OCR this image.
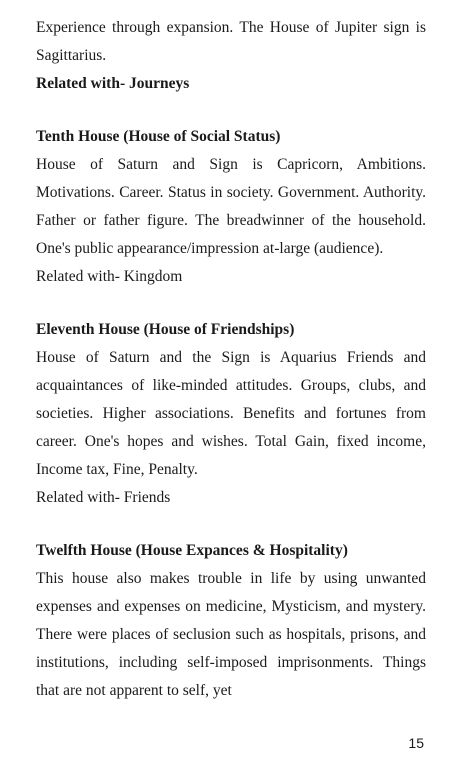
Experience through expansion. The House of Jupiter sign is Sagittarius.

Related with- Journeys

Tenth House (House of Social Status)

House of Saturn and Sign is Capricorn, Ambitions. Motivations. Career. Status in society. Government. Authority. Father or father figure. The breadwinner of the household. One's public appearance/impression at-large (audience).

Related with- Kingdom

Eleventh House (House of Friendships)

House of Saturn and the Sign is Aquarius Friends and acquaintances of like-minded attitudes. Groups, clubs, and societies. Higher associations. Benefits and fortunes from career. One's hopes and wishes. Total Gain, fixed income, Income tax, Fine, Penalty.

Related with- Friends

Twelfth House (House Expances & Hospitality)

This house also makes trouble in life by using unwanted expenses and expenses on medicine, Mysticism, and mystery. There were places of seclusion such as hospitals, prisons, and institutions, including self-imposed imprisonments. Things that are not apparent to self, yet

15
